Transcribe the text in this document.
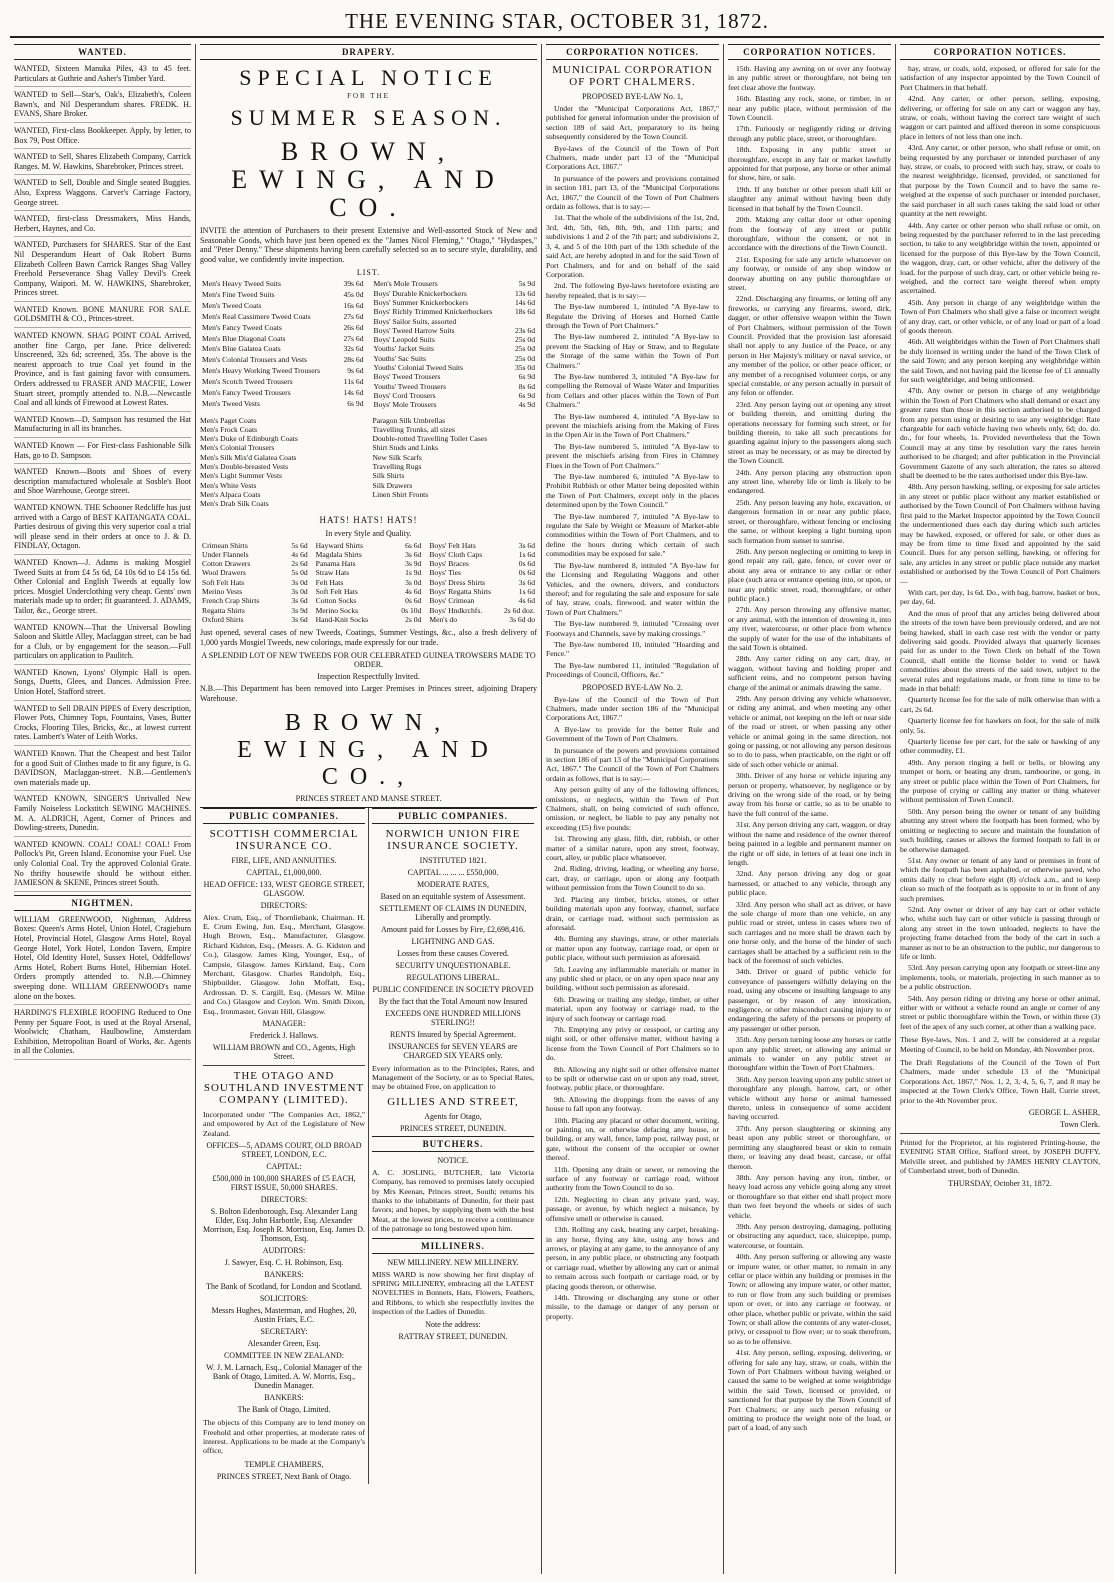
THE EVENING STAR, OCTOBER 31, 1872.
WANTED.
WANTED, Sixteen Manuka Piles, 43 to 45 feet. Particulars at Guthrie and Asher's Timber Yard.
WANTED to Sell—Star's, Oak's, Elizabeth's, Coleen Bawn's, and Nil Desperandum shares. FREDK. H. EVANS, Share Broker.
WANTED, First-class Bookkeeper. Apply, by letter, to Box 79, Post Office.
WANTED to Sell, Shares Elizabeth Company, Carrick Ranges. M. W. Hawkins, Sharebroker, Princes street.
WANTED to Sell, Double and Single seated Buggies. Also, Express Waggons. Carver's Carriage Factory, George street.
WANTED, first-class Dressmakers, Miss Hands, Herbert, Haynes, and Co.
WANTED, Purchasers for SHARES. Star of the East Nil Desperandum Heart of Oak Robert Burns Elizabeth Colleen Bawn Carrick Ranges Shag Valley Freehold Perseverance Shag Valley Devil's Creek Company, Waipori. M. W. HAWKINS, Sharebroker, Princes street.
WANTED Known. BONE MANURE FOR SALE. GOLDSMITH & CO., Princes-street.
WANTED KNOWN. SHAG POINT COAL Arrived, another fine Cargo, per Jane. Price delivered: Unscreened, 32s 6d; screened, 35s. The above is the nearest approach to true Coal yet found in the Province, and is fast gaining favor with consumers. Orders addressed to FRASER AND MACFIE, Lower Stuart street, promptly attended to. N.B.—Newcastle Coal and all kinds of Firewood at Lowest Rates.
WANTED Known—D. Sampson has resumed the Hat Manufacturing in all its branches.
WANTED Known — For First-class Fashionable Silk Hats, go to D. Sampson.
WANTED Known—Boots and Shoes of every description manufactured wholesale at Sosble's Boot and Shoe Warehouse, George street.
WANTED KNOWN. THE Schooner Redcliffe has just arrived with a Cargo of BEST KAITANGATA COAL. Parties desirous of giving this very superior coal a trial will please send in their orders at once to J. & D. FINDLAY, Octagon.
WANTED Known—J. Adams is making Mosgiel Tweed Suits at from £4 5s 6d, £4 10s 6d to £4 15s 6d. Other Colonial and English Tweeds at equally low prices. Mosgiel Underclothing very cheap. Gents' own materials made up to order; fit guaranteed. J. ADAMS, Tailor, &c., George street.
WANTED KNOWN—That the Universal Bowling Saloon and Skittle Alley, Maclaggan street, can be had for a Club, or by engagement for the season.—Full particulars on application to Paulitch.
WANTED Known, Lyons' Olympic Hall is open. Songs, Duetts, Glees, and Dances. Admission Free. Union Hotel, Stafford street.
WANTED to Sell DRAIN PIPES of Every description, Flower Pots, Chimney Tops, Fountains, Vases, Butter Crocks, Flooring Tiles, Bricks, &c., at lowest current rates. Lambert's Water of Leith Works.
WANTED Known. That the Cheapest and best Tailor for a good Suit of Clothes made to fit any figure, is G. DAVIDSON, Maclaggan-street. N.B.—Gentlemen's own materials made up.
WANTED KNOWN, SINGER'S Unrivalled New Family Noiseless Lockstitch SEWING MACHINES. M. A. ALDRICH, Agent, Corner of Princes and Dowling-streets, Dunedin.
WANTED KNOWN. COAL! COAL! COAL! From Pollock's Pit, Green Island. Economise your Fuel. Use only Colonial Coal. Try the approved Colonial Grate. No thrifty housewife should be without either. JAMIESON & SKENE, Princes street South.
NIGHTMEN.
WILLIAM GREENWOOD, Nightman, Address Boxes: Queen's Arms Hotel, Union Hotel, Cragieburn Hotel, Provincial Hotel, Glasgow Arms Hotel, Royal George Hotel, York Hotel, London Tavern, Empire Hotel, Old Identity Hotel, Sussex Hotel, Oddfellows' Arms Hotel, Robert Burns Hotel, Hibernian Hotel. Orders promptly attended to. N.B.—Chimney sweeping done. WILLIAM GREENWOOD's name alone on the boxes.
HARDING'S FLEXIBLE ROOFING Reduced to One Penny per Square Foot, is used at the Royal Arsenal, Woolwich; Chatham, Haulbowline, Amsterdam Exhibition, Metropolitan Board of Works, &c. Agents in all the Colonies.
DRAPERY.
SPECIAL NOTICE
FOR THE
SUMMER SEASON.
BROWN, EWING, AND CO.
INVITE the attention of Purchasers to their present Extensive and Well-assorted Stock of New and Seasonable Goods, which have just been opened ex the "James Nicol Fleming," "Otago," "Hydaspes," and "Peter Denny." These shipments having been carefully selected so as to secure style, durability, and good value, we confidently invite inspection.
LIST.
Men's Heavy Tweed Suits	39s 6d
Men's Fine Tweed Suits	45s 0d
Men's Tweed Coats	16s 6d
Men's Real Cassimere Tweed Coats	27s 6d
Men's Fancy Tweed Coats	26s 6d
Men's Blue Diagonal Coats	27s 6d
Men's Blue Galatea Coats	32s 6d
Men's Colonial Trousers and Vests	28s 6d
Men's Heavy Working Tweed Trousers	9s 6d
Men's Scotch Tweed Trousers	11s 6d
Men's Fancy Tweed Trousers	14s 6d
Men's Tweed Vests	6s 9d
Men's Mole Trousers	5s 9d
Boys' Durable Knickerbockers	13s 6d
Boys' Summer Knickerbockers	14s 6d
Boys' Richly Trimmed Knickerbockers	18s 6d
Boys' Sailor Suits, assorted	
Boys' Tweed Harrow Suits	23s 6d
Boys' Leopold Suits	25s 0d
Youths' Jacket Suits	25s 0d
Youths' Sac Suits	25s 0d
Youths' Colonial Tweed Suits	35s 0d
Boys' Tweed Trousers	6s 9d
Youths' Tweed Trousers	8s 6d
Boys' Cord Trousers	6s 9d
Boys' Mole Trousers	4s 9d
Men's Paget Coats
Men's Frock Coats
Men's Duke of Edinburgh Coats
Men's Colonial Trousers
Men's Silk Mix'd Galatea Coats
Men's Double-breasted Vests
Men's Light Summer Vests
Men's White Vests
Men's Alpaca Coats
Men's Drab Silk Coats
Paragon Silk Umbrellas
Travelling Trunks, all sizes
Double-rotted Travelling Toilet Cases
Shirt Studs and Links
New Silk Scarfs
Travelling Rugs
Silk Shirts
Silk Drawers
Linen Shirt Fronts
HATS! HATS! HATS!
In every Style and Quality.
Crimean Shirts	5s 6d
Under Flannels	4s 6d
Cotton Drawers	2s 6d
Wool Drawers	5s 0d
Soft Felt Hats	3s 0d
Merino Vests	3s 0d
French Crap Shirts	3s 6d
Regatta Shirts	3s 9d
Oxford Shirts	3s 6d
Hayward Shirts	6s 6d
Magdala Shirts	3s 6d
Panama Hats	3s 9d
Straw Hats	1s 9d
Felt Hats	3s 0d
Soft Felt Hats	4s 6d
Cotton Socks	0s 6d
Merino Socks	0s 10d
Hand-Knit Socks	2s 0d
Boys' Felt Hats	3s 6d
Boys' Cloth Caps	1s 6d
Boys' Braces	0s 6d
Boys' Ties	0s 6d
Boys' Dress Shirts	3s 6d
Boys' Regatta Shirts	1s 6d
Boys' Crimean	4s 6d
Boys' Hndkrchfs.	2s 6d doz.
Men's do	3s 6d do
Just opened, several cases of new Tweeds, Coatings, Summer Vestings, &c., also a fresh delivery of 1,000 yards Mosgiel Tweeds, new colorings, made expressly for our trade.
A SPLENDID LOT OF NEW TWEEDS FOR OUR CELEBRATED GUINEA TROWSERS MADE TO ORDER.
Inspection Respectfully Invited.
N.B.—This Department has been removed into Larger Premises in Princes street, adjoining Drapery Warehouse.
BROWN, EWING, AND CO.,
PRINCES STREET AND MANSE STREET.
PUBLIC COMPANIES.
SCOTTISH COMMERCIAL INSURANCE CO.
FIRE, LIFE, AND ANNUITIES.
CAPITAL, £1,000,000.
HEAD OFFICE: 133, WEST GEORGE STREET, GLASGOW.
DIRECTORS:
Alex. Crum, Esq., of Thornliebank, Chairman. H. E. Crum Ewing, Jun. Esq., Merchant, Glasgow. Hugh Brown, Esq., Manufacturer, Glasgow. Richard Kidston, Esq., (Messrs. A. G. Kidston and Co.), Glasgow. James King, Younger, Esq., of Campsie, Glasgow. James Kirkland, Esq., Corn Merchant, Glasgow. Charles Randolph, Esq., Shipbuilder, Glasgow. John Moffatt, Esq., Ardrossan. D. S. Cargill, Esq. (Messrs W. Milne and Co.) Glasgow and Ceylon. Wm. Smith Dixon, Esq., Ironmaster, Govan Hill, Glasgow.
MANAGER:
Frederick J. Hallows.
WILLIAM BROWN and CO., Agents, High Street.
THE OTAGO AND SOUTHLAND INVESTMENT COMPANY (LIMITED).
Incorporated under "The Companies Act, 1862," and empowered by Act of the Legislature of New Zealand.
OFFICES—5, ADAMS COURT, OLD BROAD STREET, LONDON, E.C.
CAPITAL:
£500,000 in 100,000 SHARES of £5 EACH, FIRST ISSUE, 50,000 SHARES.
DIRECTORS:
S. Bolton Edenborough, Esq. Alexander Lang Elder, Esq. John Harbottle, Esq. Alexander Morrison, Esq. Joseph R. Morrison, Esq. James D. Thomson, Esq.
AUDITORS:
J. Sawyer, Esq. C. H. Robinson, Esq.
BANKERS:
The Bank of Scotland, for London and Scotland.
SOLICITORS:
Messrs Hughes, Masterman, and Hughes, 20, Austin Friars, E.C.
SECRETARY:
Alexander Green, Esq.
COMMITTEE IN NEW ZEALAND:
W. J. M. Larnach, Esq., Colonial Manager of the Bank of Otago, Limited. A. W. Morris, Esq., Dunedin Manager.
BANKERS:
The Bank of Otago, Limited.
The objects of this Company are to lend money on Freehold and other properties, at moderate rates of interest. Applications to be made at the Company's office,
TEMPLE CHAMBERS,
PRINCES STREET, Next Bank of Otago.
PUBLIC COMPANIES.
NORWICH UNION FIRE INSURANCE SOCIETY.
INSTITUTED 1821.
CAPITAL ... ... ... £550,000.
MODERATE RATES,
Based on an equitable system of Assessment.
SETTLEMENT OF CLAIMS IN DUNEDIN, Liberally and promptly.
Amount paid for Losses by Fire, £2,698,416.
LIGHTNING AND GAS.
Losses from these causes Covered.
SECURITY UNQUESTIONABLE.
REGULATIONS LIBERAL.
PUBLIC CONFIDENCE IN SOCIETY PROVED
By the fact that the Total Amount now Insured
EXCEEDS ONE HUNDRED MILLIONS STERLING!!
RENTS Insured by Special Agreement.
INSURANCES for SEVEN YEARS are CHARGED SIX YEARS only.
Every information as to the Principles, Rates, and Management of the Society, or as to Special Rates, may be obtained Free, on application to
GILLIES AND STREET,
Agents for Otago,
PRINCES STREET, DUNEDIN.
BUTCHERS.
NOTICE.
A. C. JOSLING, BUTCHER, late Victoria Company, has removed to premises lately occupied by Mrs Keenan, Princes street, South; returns his thanks to the inhabitants of Dunedin, for their past favors; and hopes, by supplying them with the best Meat, at the lowest prices, to receive a continuance of the patronage so long bestowed upon him.
MILLINERS.
NEW MILLINERY. NEW MILLINERY.
MISS WARD is now showing her first display of SPRING MILLINERY, embracing all the LATEST NOVELTIES in Bonnets, Hats, Flowers, Feathers, and Ribbons, to which she respectfully invites the inspection of the Ladies of Dunedin.
Note the address:
RATTRAY STREET, DUNEDIN.
CORPORATION NOTICES.
MUNICIPAL CORPORATION OF PORT CHALMERS.
PROPOSED BYE-LAW No. 1,

Under the "Municipal Corporations Act, 1867," published for general information under the provision of section 189 of said Act, preparatory to its being subsequently considered by the Town Council.

Bye-laws of the Council of the Town of Port Chalmers, made under part 13 of the "Municipal Corporations Act, 1867."

In pursuance of the powers and provisions contained in section 181, part 13, of the "Municipal Corporations Act, 1867," the Council of the Town of Port Chalmers ordain as follows, that is to say:—

1st. That the whole of the subdivisions of the 1st, 2nd, 3rd, 4th, 5th, 6th, 8th, 9th, and 11th parts; and subdivisions 1 and 2 of the 7th part; and subdivisions 2, 3, 4, and 5 of the 10th part of the 13th schedule of the said Act, are hereby adopted in and for the said Town of Port Chalmers, and for and on behalf of the said Corporation.

2nd. The following Bye-laws heretofore existing are hereby repealed, that is to say:—

The Bye-law numbered 1, intituled "A Bye-law to Regulate the Driving of Horses and Horned Cattle through the Town of Port Chalmers."

The Bye-law numbered 2, intituled "A Bye-law to prevent the Stacking of Hay or Straw, and to Regulate the Storage of the same within the Town of Port Chalmers."

The Bye-law numbered 3, intituled "A Bye-law for compelling the Removal of Waste Water and Impurities from Cellars and other places within the Town of Port Chalmers."

The Bye-law numbered 4, intituled "A Bye-law to prevent the mischiefs arising from the Making of Fires in the Open Air in the Town of Port Chalmers."

The Bye-law numbered 5, intituled "A Bye-law to prevent the mischiefs arising from Fires in Chimney Flues in the Town of Port Chalmers."

The Bye-law numbered 6, intituled "A Bye-law to Prohibit Rubbish or other Matter being deposited within the Town of Port Chalmers, except only in the places determined upon by the Town Council."

The Bye-law numbered 7, intituled "A Bye-law to regulate the Sale by Weight or Measure of Market-able commodities within the Town of Port Chalmers, and to define the hours during which certain of such commodities may be exposed for sale."

The Bye-law numbered 8, intituled "A Bye-law for the Licensing and Regulating Waggons and other Vehicles, and the owners, drivers, and conductors thereof; and for regulating the sale and exposure for sale of hay, straw, coals, firewood, and water within the Town of Port Chalmers."

The Bye-law numbered 9, intituled "Crossing over Footways and Channels, save by making crossings."

The Bye-law numbered 10, intituled "Hoarding and Fence."

The Bye-law numbered 11, intituled "Regulation of Proceedings of Council, Officers, &c."

PROPOSED BYE-LAW No. 2.

Bye-law of the Council of the Town of Port Chalmers, made under section 186 of the "Municipal Corporations Act, 1867."

A Bye-law to provide for the better Rule and Government of the Town of Port Chalmers.

In pursuance of the powers and provisions contained in section 186 of part 13 of the "Municipal Corporations Act, 1867." The Council of the Town of Port Chalmers ordain as follows, that is to say:—

Any person guilty of any of the following offences, omissions, or neglects, within the Town of Port Chalmers, shall, on being convicted of such offence, omission, or neglect, be liable to pay any penalty not exceeding (£5) five pounds:

1st. Throwing any glass, filth, dirt, rubbish, or other matter of a similar nature, upon any street, footway, court, alley, or public place whatsoever.

2nd. Riding, driving, leading, or wheeling any horse, cart, dray, or carriage, upon or along any footpath without permission from the Town Council to do so.

3rd. Placing any timber, bricks, stones, or other building materials upon any footway, channel, surface drain, or carriage road, without such permission as aforesaid.

4th. Burning any shavings, straw, or other materials or matter upon any footway, carriage road, or open or public place, without such permission as aforesaid.

5th. Leaving any inflammable materials or matter in any public shed or place, or on any open space near any building, without such permission as aforesaid.

6th. Drawing or trailing any sledge, timber, or other material, upon any footway or carriage road, to the injury of such footway or carriage road.

7th. Emptying any privy or cesspool, or carting any night soil, or other offensive matter, without having a license from the Town Council of Port Chalmers so to do.

8th. Allowing any night soil or other offensive matter to be spilt or otherwise cast on or upon any road, street, footway, public place, or thoroughfare.

9th. Allowing the droppings from the eaves of any house to fall upon any footway.

10th. Placing any placard or other document, writing, or painting on, or otherwise defacing any house, or building, or any wall, fence, lamp post, railway post, or gate, without the consent of the occupier or owner thereof.

11th. Opening any drain or sewer, or removing the surface of any footway or carriage road, without authority from the Town Council to do so.

12th. Neglecting to clean any private yard, way, passage, or avenue, by which neglect a nuisance, by offensive smell or otherwise is caused.

13th. Rolling any cask, beating any carpet, breaking-in any horse, flying any kite, using any bows and arrows, or playing at any game, to the annoyance of any person, in any public place, or obstructing any footpath or carriage road, whether by allowing any cart or animal to remain across such footpath or carriage road, or by placing goods thereon, or otherwise.

14th. Throwing or discharging any stone or other missile, to the damage or danger of any person or property.

CORPORATION NOTICES.

15th. Having any awning on or over any footway in any public street or thoroughfare, not being ten feet clear above the footway.

16th. Blasting any rock, stone, or timber, in or near any public place, without permission of the Town Council.

17th. Furiously or negligently riding or driving through any public place, street, or thoroughfare.

18th. Exposing in any public street or thoroughfare, except in any fair or market lawfully appointed for that purpose, any horse or other animal for show, hire, or sale.

19th. If any butcher or other person shall kill or slaughter any animal without having been duly licensed in that behalf by the Town Council.

20th. Making any cellar door or other opening from the footway of any street or public thoroughfare, without the consent, or not in accordance with the directions of the Town Council.

21st. Exposing for sale any article whatsoever on any footway, or outside of any shop window or doorway abutting on any public thoroughfare or street.

22nd. Discharging any firearms, or letting off any fireworks, or carrying any firearms, sword, dirk, dagger, or other offensive weapon within the Town of Port Chalmers, without permission of the Town Council. Provided that the provision last aforesaid shall not apply to any Justice of the Peace, or any person in Her Majesty's military or naval service, or any member of the police, or other peace officer, or any member of a recognised volunteer corps, or any special constable, or any person actually in pursuit of any felon or offender.

23rd. Any person laying out or opening any street or building therein, and omitting during the operations necessary for forming such street, or for building therein, to take all such precautions for guarding against injury to the passengers along such street as may be necessary, or as may be directed by the Town Council.

24th. Any person placing any obstruction upon any street line, whereby life or limb is likely to be endangered.

25th. Any person leaving any hole, excavation, or dangerous formation in or near any public place, street, or thoroughfare, without fencing or enclosing the same, or without keeping a light burning upon such formation from sunset to sunrise.

26th. Any person neglecting or omitting to keep in good repair any rail, gate, fence, or cover over or about any area or entrance to any cellar or other place (such area or entrance opening into, or upon, or near any public street, road, thoroughfare, or other public place.)

27th. Any person throwing any offensive matter, or any animal, with the intention of drowning it, into any river, watercourse, or other place from whence the supply of water for the use of the inhabitants of the said Town is obtained.

28th. Any carter riding on any cart, dray, or waggon, without having and holding proper and sufficient reins, and no competent person having charge of the animal or animals drawing the same.

29th. Any person driving any vehicle whatsoever, or riding any animal, and when meeting any other vehicle or animal, not keeping on the left or near side of the road or street, or when passing any other vehicle or animal going in the same direction, not going or passing, or not allowing any person desirous so to do to pass, when practicable, on the right or off side of such other vehicle or animal.

30th. Driver of any horse or vehicle injuring any person or property, whatsoever, by negligence or by driving on the wrong side of the road, or by being away from his horse or cattle, so as to be unable to have the full control of the same.

31st. Any person driving any cart, waggon, or dray without the name and residence of the owner thereof being painted in a legible and permanent manner on the right or off side, in letters of at least one inch in length.

32nd. Any person driving any dog or goat harnessed, or attached to any vehicle, through any public place.

33rd. Any person who shall act as driver, or have the sole charge of more than one vehicle, on any public road or street, unless in cases where two of such carriages and no more shall be drawn each by one horse only, and the horse of the hinder of such carriages shall be attached by a sufficient rein to the back of the foremost of such vehicles.

34th. Driver or guard of public vehicle for conveyance of passengers wilfully delaying on the road, using any obscene or insulting language to any passenger, or by reason of any intoxication, negligence, or other misconduct causing injury to or endangering the safety of the persons or property of any passenger or other person.

35th. Any person turning loose any horses or cattle upon any public street, or allowing any animal or animals to wander on any public street or thoroughfare within the Town of Port Chalmers.

36th. Any person leaving upon any public street or thoroughfare any plough, harrow, cart, or other vehicle without any horse or animal harnessed thereto, unless in consequence of some accident having occurred.

37th. Any person slaughtering or skinning any beast upon any public street or thoroughfare, or permitting any slaughtered beast or skin to remain there, or leaving any dead beast, carcase, or offal thereon.

38th. Any person having any iron, timber, or heavy load across any vehicle going along any street or thoroughfare so that either end shall project more than two feet beyond the wheels or sides of such vehicle.

39th. Any person destroying, damaging, polluting or obstructing any aqueduct, race, sluicepipe, pump, watercourse, or fountain.

40th. Any person suffering or allowing any waste or impure water, or other matter, to remain in any cellar or place within any building or premises in the Town; or allowing any impure water, or other matter, to run or flow from any such building or premises upon or over, or into any carriage or footway, or other place, whether public or private, within the said Town; or shall allow the contents of any water-closet, privy, or cesspool to flow over; or to soak therefrom, so as to be offensive.

41st. Any person, selling, exposing, delivering, or offering for sale any hay, straw, or coals, within the Town of Port Chalmers without having weighed or caused the same to be weighed at some weighbridge within the said Town, licensed or provided, or sanctioned for that purpose by the Town Council of Port Chalmers; or any such person refusing or omitting to produce the weight note of the load, or part of a load, of any such

CORPORATION NOTICES.

hay, straw, or coals, sold, exposed, or offered for sale for the satisfaction of any inspector appointed by the Town Council of Port Chalmers in that behalf.

42nd. Any carter, or other person, selling, exposing, delivering, or offering for sale on any cart or waggon any hay, straw, or coals, without having the correct tare weight of such waggon or cart painted and affixed thereon in some conspicuous place in letters of not less than one inch.

43rd. Any carter, or other person, who shall refuse or omit, on being requested by any purchaser or intended purchaser of any hay, straw, or coals, to proceed with such hay, straw, or coals to the nearest weighbridge, licensed, provided, or sanctioned for that purpose by the Town Council and to have the same re-weighed at the expense of such purchaser or intended purchaser, the said purchaser in all such cases taking the said load or other quantity at the nett reweight.

44th. Any carter or other person who shall refuse or omit, on being requested by the purchaser referred to in the last preceding section, to take to any weighbridge within the town, appointed or licensed for the purpose of this Bye-law by the Town Council, the waggon, dray, cart, or other vehicle, after the delivery of the load, for the purpose of such dray, cart, or other vehicle being re-weighed, and the correct tare weight thereof when empty ascertained.

45th. Any person in charge of any weighbridge within the Town of Port Chalmers who shall give a false or incorrect weight of any dray, cart, or other vehicle, or of any load or part of a load of goods thereon.

46th. All weighbridges within the Town of Port Chalmers shall be duly licensed in writing under the hand of the Town Clerk of the said Town; and any person keeping any weighbridge within the said Town, and not having paid the license fee of £1 annually for such weighbridge, and being unlicensed.

47th. Any owner or person in charge of any weighbridge within the Town of Port Chalmers who shall demand or exact any greater rates than those in this section authorised to be charged from any person using or desiring to use any weighbridge: Rate chargeable for each vehicle having two wheels only, 6d; do. do. do., for four wheels, 1s. Provided nevertheless that the Town Council may at any time by resolution vary the rates herein authorised to be charged; and after publication in the Provincial Government Gazette of any such alteration, the rates so altered shall be deemed to be the rates authorised under this Bye-law.

48th. Any person hawking, selling, or exposing for sale articles in any street or public place without any market established or authorised by the Town Council of Port Chalmers without having first paid to the Market Inspector appointed by the Town Council the undermentioned dues each day during which such articles may be hawked, exposed, or offered for sale, or other dues as may be from time to time fixed and appointed by the said Council. Dues for any person selling, hawking, or offering for sale, any articles in any street or public place outside any market established or authorised by the Town Council of Port Chalmers—

With cart, per day, 1s 6d. Do., with bag, barrow, basket or box, per day, 6d.

And the onus of proof that any articles being delivered about the streets of the town have been previously ordered, and are not being hawked, shall in each case rest with the vendor or party delivering said goods. Provided always that quarterly licenses paid for as under to the Town Clerk on behalf of the Town Council, shall entitle the license holder to vend or hawk commodities about the streets of the said town, subject to the several rules and regulations made, or from time to time to be made in that behalf:

Quarterly license fee for the sale of milk otherwise than with a cart, 2s 6d.

Quarterly license fee for hawkers on foot, for the sale of milk only, 5s.

Quarterly license fee per cart, for the sale or hawking of any other commodity, £1.

49th. Any person ringing a bell or bells, or blowing any trumpet or horn, or beating any drum, tambourine, or gong, in any street or public place within the Town of Port Chalmers, for the purpose of crying or calling any matter or thing whatever without permission of Town Council.

50th. Any person being the owner or tenant of any building abutting any street where the footpath has been formed, who by omitting or neglecting to secure and maintain the foundation of such building, causes or allows the formed footpath to fall in or be otherwise damaged.

51st. Any owner or tenant of any land or premises in front of which the footpath has been asphalted, or otherwise paved, who omits daily to clear before eight (8) o'clock a.m., and to keep clean so much of the footpath as is opposite to or in front of any such premises.

52nd. Any owner or driver of any hay cart or other vehicle who, whilst such hay cart or other vehicle is passing through or along any street in the town unloaded, neglects to have the projecting frame detached from the body of the cart in such a manner as not to be an obstruction to the public, nor dangerous to life or limb.

53rd. Any person carrying upon any footpath or street-line any implements, tools, or materials, projecting in such manner as to be a public obstruction.

54th. Any person riding or driving any horse or other animal, either with or without a vehicle round an angle or corner of any street or public thoroughfare within the Town, or within three (3) feet of the apex of any such corner, at other than a walking pace.

These Bye-laws, Nos. 1 and 2, will be considered at a regular Meeting of Council, to be held on Monday, 4th November prox.
The Draft Regulations of the Council of the Town of Port Chalmers, made under schedule 13 of the "Municipal Corporations Act, 1867," Nos. 1, 2, 3, 4, 5, 6, 7, and 8 may be inspected at the Town Clerk's Office, Town Hall, Currie street, prior to the 4th November prox.
GEORGE L. ASHER,
Town Clerk.
Printed for the Proprietor, at his registered Printing-house, the EVENING STAR Office, Stafford street, by JOSEPH DUFFY, Melville street, and published by JAMES HENRY CLAYTON, of Cumberland street, both of Dunedin.
THURSDAY, October 31, 1872.
